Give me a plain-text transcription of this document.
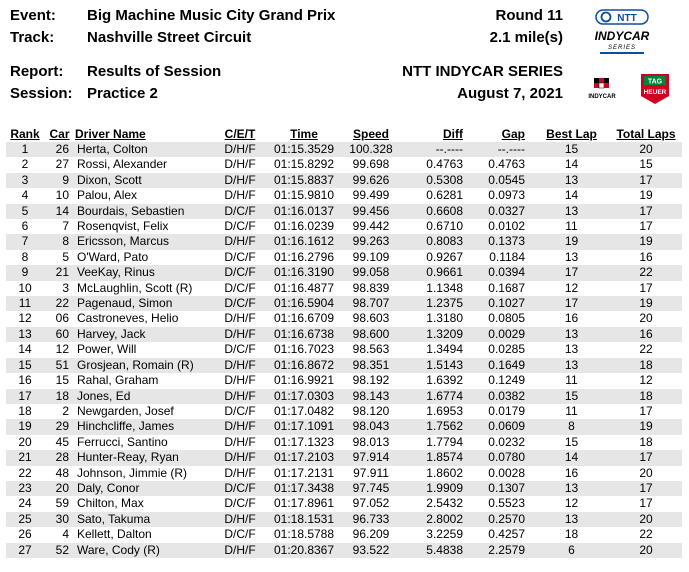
Event: Big Machine Music City Grand Prix
Track: Nashville Street Circuit
Report: Results of Session
Session: Practice 2
Round 11
2.1 mile(s)
NTT INDYCAR SERIES
August 7, 2021
NTT
INDYCAR
SERIES
INDYCAR
TAG
HEUER
Rank	Car	Driver Name	C/E/T	Time	Speed	Diff	Gap	Best Lap	Total Laps
1	26	Herta, Colton	D/H/F	01:15.3529	100.328	--.----	--.----	15	20
2	27	Rossi, Alexander	D/H/F	01:15.8292	99.698	0.4763	0.4763	14	15
3	9	Dixon, Scott	D/H/F	01:15.8837	99.626	0.5308	0.0545	13	17
4	10	Palou, Alex	D/H/F	01:15.9810	99.499	0.6281	0.0973	14	19
5	14	Bourdais, Sebastien	D/C/F	01:16.0137	99.456	0.6608	0.0327	13	17
6	7	Rosenqvist, Felix	D/C/F	01:16.0239	99.442	0.6710	0.0102	11	17
7	8	Ericsson, Marcus	D/H/F	01:16.1612	99.263	0.8083	0.1373	19	19
8	5	O'Ward, Pato	D/C/F	01:16.2796	99.109	0.9267	0.1184	13	16
9	21	VeeKay, Rinus	D/C/F	01:16.3190	99.058	0.9661	0.0394	17	22
10	3	McLaughlin, Scott (R)	D/C/F	01:16.4877	98.839	1.1348	0.1687	12	17
11	22	Pagenaud, Simon	D/C/F	01:16.5904	98.707	1.2375	0.1027	17	19
12	06	Castroneves, Helio	D/H/F	01:16.6709	98.603	1.3180	0.0805	16	20
13	60	Harvey, Jack	D/H/F	01:16.6738	98.600	1.3209	0.0029	13	16
14	12	Power, Will	D/C/F	01:16.7023	98.563	1.3494	0.0285	13	22
15	51	Grosjean, Romain (R)	D/H/F	01:16.8672	98.351	1.5143	0.1649	13	18
16	15	Rahal, Graham	D/H/F	01:16.9921	98.192	1.6392	0.1249	11	12
17	18	Jones, Ed	D/H/F	01:17.0303	98.143	1.6774	0.0382	15	18
18	2	Newgarden, Josef	D/C/F	01:17.0482	98.120	1.6953	0.0179	11	17
19	29	Hinchcliffe, James	D/H/F	01:17.1091	98.043	1.7562	0.0609	8	19
20	45	Ferrucci, Santino	D/H/F	01:17.1323	98.013	1.7794	0.0232	15	18
21	28	Hunter-Reay, Ryan	D/H/F	01:17.2103	97.914	1.8574	0.0780	14	17
22	48	Johnson, Jimmie (R)	D/H/F	01:17.2131	97.911	1.8602	0.0028	16	20
23	20	Daly, Conor	D/C/F	01:17.3438	97.745	1.9909	0.1307	13	17
24	59	Chilton, Max	D/C/F	01:17.8961	97.052	2.5432	0.5523	12	17
25	30	Sato, Takuma	D/H/F	01:18.1531	96.733	2.8002	0.2570	13	20
26	4	Kellett, Dalton	D/C/F	01:18.5788	96.209	3.2259	0.4257	18	22
27	52	Ware, Cody (R)	D/H/F	01:20.8367	93.522	5.4838	2.2579	6	20
